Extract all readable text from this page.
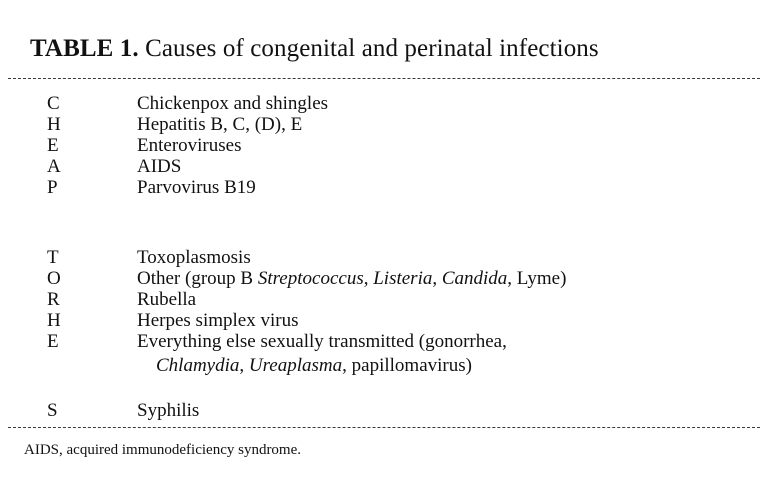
TABLE 1. Causes of congenital and perinatal infections
C	Chickenpox and shingles
H	Hepatitis B, C, (D), E
E	Enteroviruses
A	AIDS
P	Parvovirus B19
T	Toxoplasmosis
O	Other (group B Streptococcus, Listeria, Candida, Lyme)
R	Rubella
H	Herpes simplex virus
E	Everything else sexually transmitted (gonorrhea,
Chlamydia, Ureaplasma, papillomavirus)
S	Syphilis
AIDS, acquired immunodeficiency syndrome.
